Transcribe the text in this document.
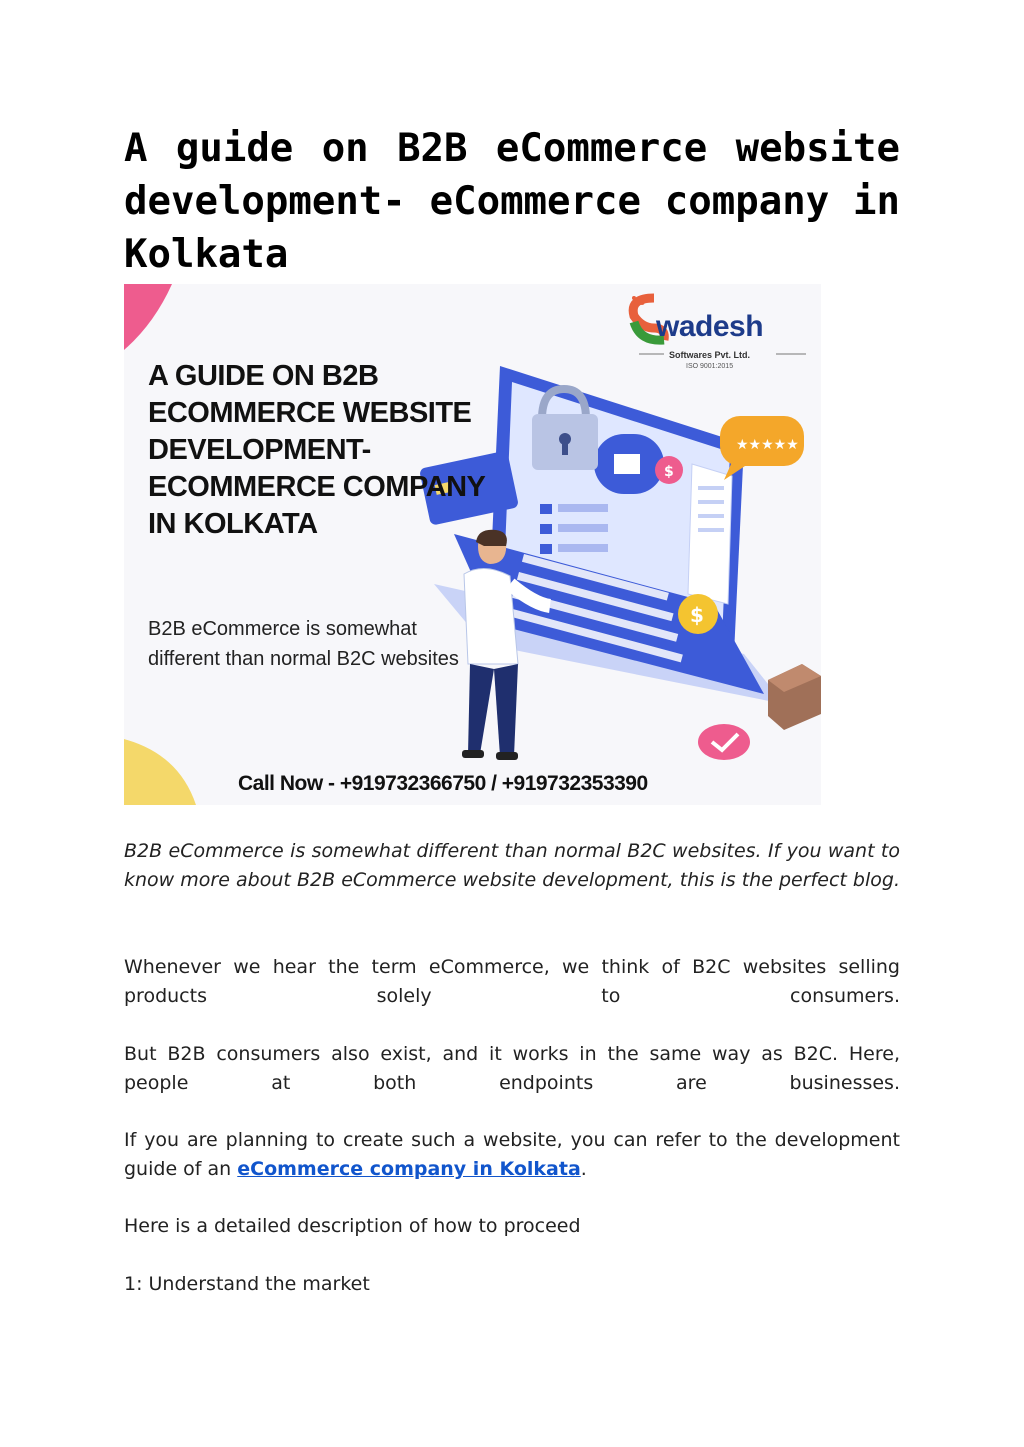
A guide on B2B eCommerce website development- eCommerce company in Kolkata
$
★★★★★
$
wadesh
Softwares Pvt. Ltd.
ISO 9001:2015

A GUIDE ON B2B ECOMMERCE WEBSITE DEVELOPMENT- ECOMMERCE COMPANY IN KOLKATA

B2B eCommerce is somewhat different than normal B2C websites

Call Now - +919732366750 / +919732353390

B2B eCommerce is somewhat different than normal B2C websites. If you want to know more about B2B eCommerce website development, this is the perfect blog.

Whenever we hear the term eCommerce, we think of B2C websites selling products solely to consumers.

But B2B consumers also exist, and it works in the same way as B2C. Here, people at both endpoints are businesses.

If you are planning to create such a website, you can refer to the development guide of an eCommerce company in Kolkata.

Here is a detailed description of how to proceed

1: Understand the market
